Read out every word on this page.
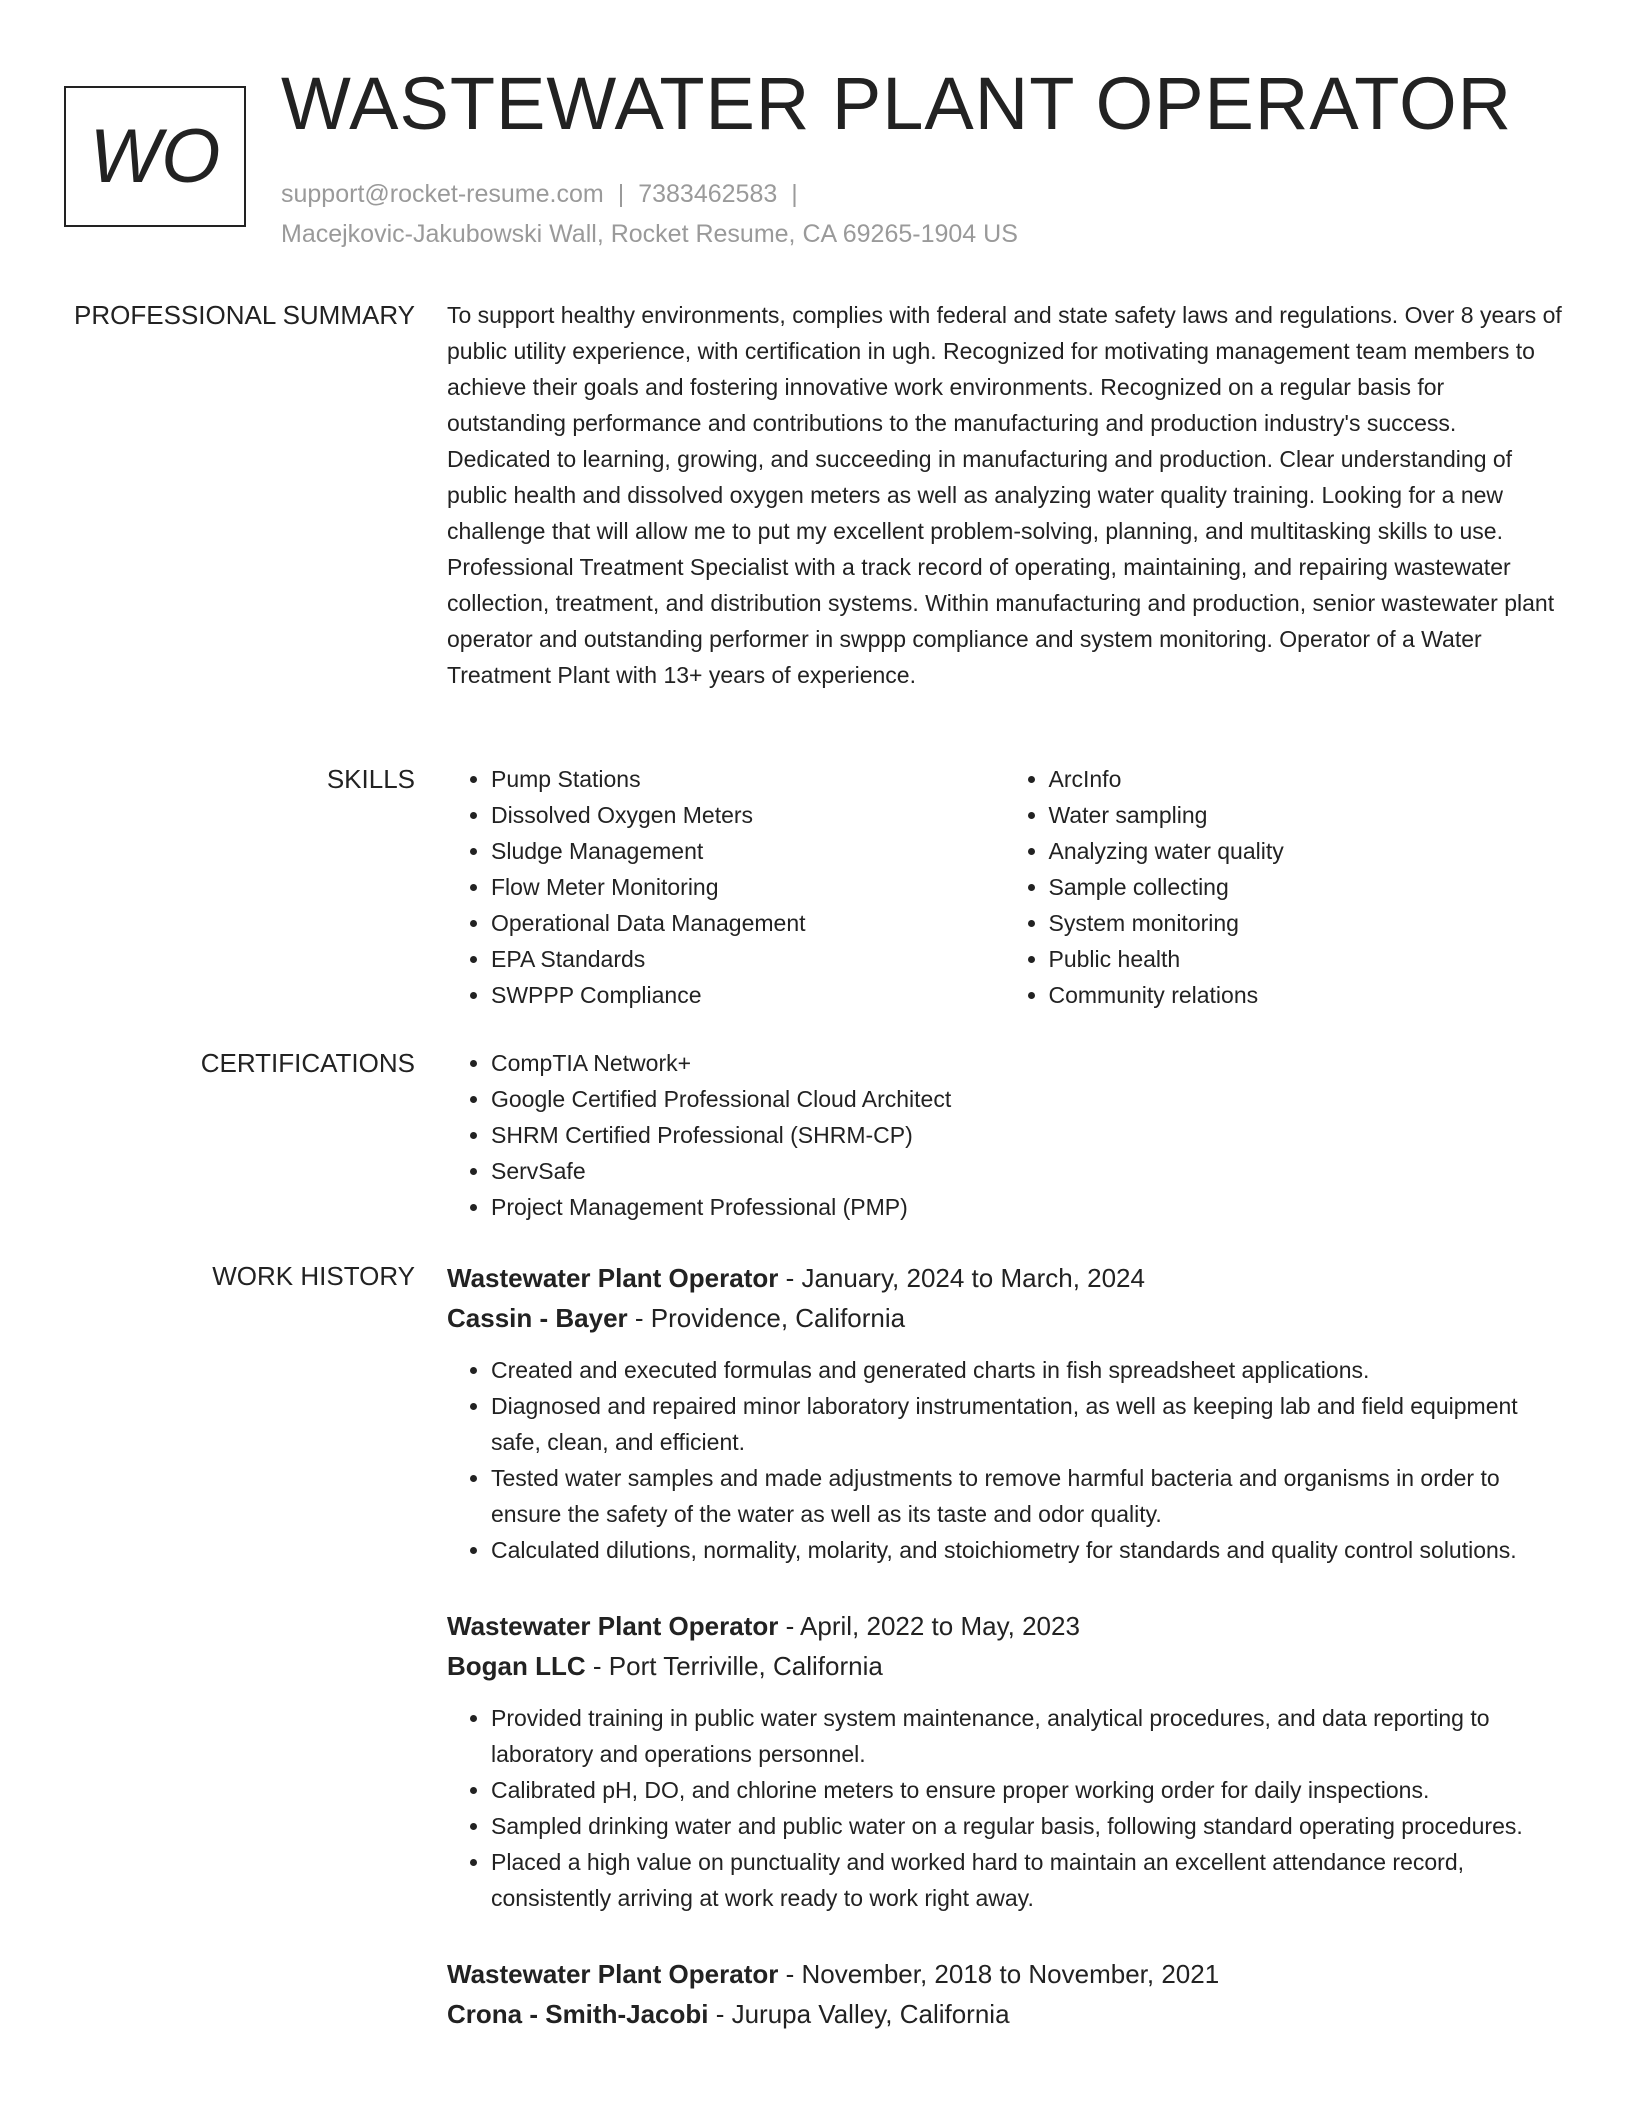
WO
WASTEWATER PLANT OPERATOR
support@rocket-resume.com | 7383462583 |
Macejkovic-Jakubowski Wall, Rocket Resume, CA 69265-1904 US
PROFESSIONAL SUMMARY To support healthy environments, complies with federal and state safety laws and regulations. Over 8 years of public utility experience, with certification in ugh. Recognized for motivating management team members to achieve their goals and fostering innovative work environments. Recognized on a regular basis for outstanding performance and contributions to the manufacturing and production industry's success. Dedicated to learning, growing, and succeeding in manufacturing and production. Clear understanding of public health and dissolved oxygen meters as well as analyzing water quality training. Looking for a new challenge that will allow me to put my excellent problem-solving, planning, and multitasking skills to use. Professional Treatment Specialist with a track record of operating, maintaining, and repairing wastewater collection, treatment, and distribution systems. Within manufacturing and production, senior wastewater plant operator and outstanding performer in swppp compliance and system monitoring. Operator of a Water Treatment Plant with 13+ years of experience.
SKILLS	• Pump Stations
• Dissolved Oxygen Meters
• Sludge Management
• Flow Meter Monitoring
• Operational Data Management
• EPA Standards
• SWPPP Compliance
• ArcInfo
• Water sampling
• Analyzing water quality
• Sample collecting
• System monitoring
• Public health
• Community relations
CERTIFICATIONS	• CompTIA Network+
• Google Certified Professional Cloud Architect
• SHRM Certified Professional (SHRM-CP)
• ServSafe
• Project Management Professional (PMP)
WORK HISTORY Wastewater Plant Operator - January, 2024 to March, 2024
Cassin - Bayer - Providence, California
• Created and executed formulas and generated charts in fish spreadsheet applications.
• Diagnosed and repaired minor laboratory instrumentation, as well as keeping lab and field equipment safe, clean, and efficient.
• Tested water samples and made adjustments to remove harmful bacteria and organisms in order to ensure the safety of the water as well as its taste and odor quality.
• Calculated dilutions, normality, molarity, and stoichiometry for standards and quality control solutions.
Wastewater Plant Operator - April, 2022 to May, 2023
Bogan LLC - Port Terriville, California
• Provided training in public water system maintenance, analytical procedures, and data reporting to laboratory and operations personnel.
• Calibrated pH, DO, and chlorine meters to ensure proper working order for daily inspections.
• Sampled drinking water and public water on a regular basis, following standard operating procedures.
• Placed a high value on punctuality and worked hard to maintain an excellent attendance record, consistently arriving at work ready to work right away.
Wastewater Plant Operator - November, 2018 to November, 2021
Crona - Smith-Jacobi - Jurupa Valley, California
